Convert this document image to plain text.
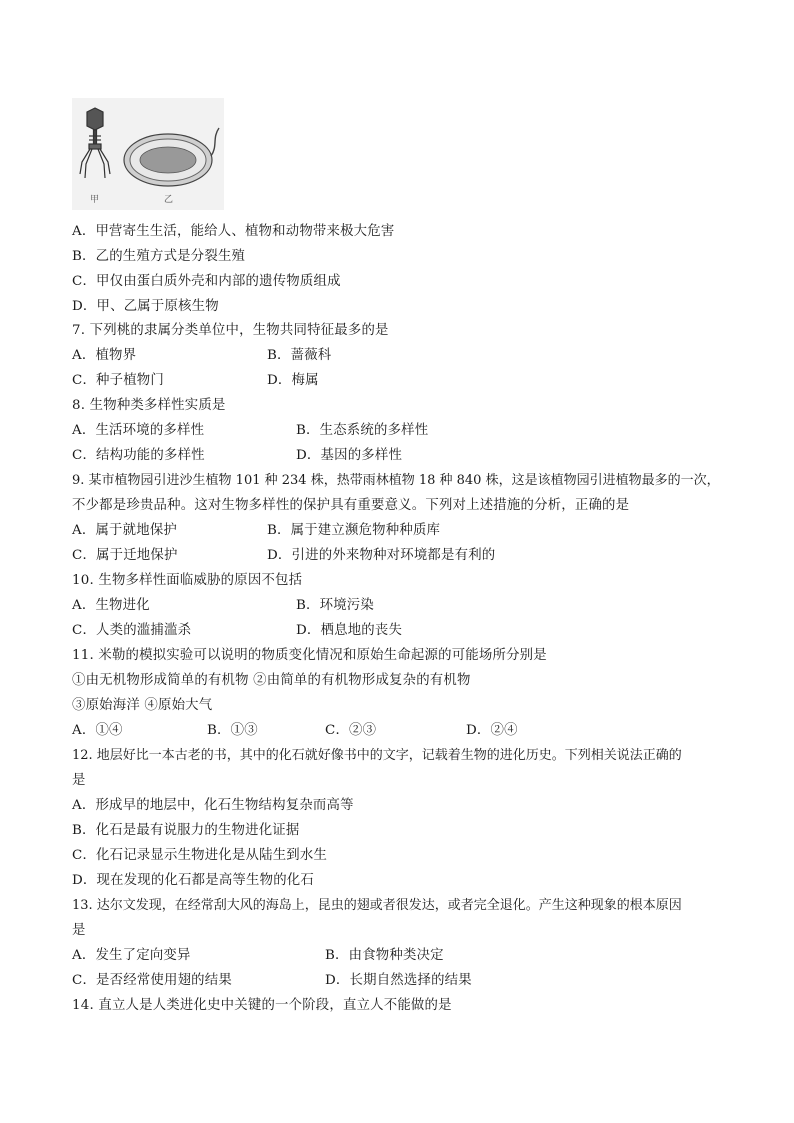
甲	乙
A．甲营寄生生活，能给人、植物和动物带来极大危害
B．乙的生殖方式是分裂生殖
C．甲仅由蛋白质外壳和内部的遗传物质组成
D．甲、乙属于原核生物
7. 下列桃的隶属分类单位中，生物共同特征最多的是
A．植物界	B．蔷薇科
C．种子植物门	D．梅属
8. 生物种类多样性实质是
A．生活环境的多样性	B．生态系统的多样性
C．结构功能的多样性	D．基因的多样性
9. 某市植物园引进沙生植物 101 种 234 株，热带雨林植物 18 种 840 株，这是该植物园引进植物最多的一次，
不少都是珍贵品种。这对生物多样性的保护具有重要意义。下列对上述措施的分析，正确的是
A．属于就地保护	B．属于建立濒危物种种质库
C．属于迁地保护	D．引进的外来物种对环境都是有利的
10. 生物多样性面临威胁的原因不包括
A．生物进化	B．环境污染
C．人类的滥捕滥杀	D．栖息地的丧失
11. 米勒的模拟实验可以说明的物质变化情况和原始生命起源的可能场所分别是
①由无机物形成简单的有机物 ②由简单的有机物形成复杂的有机物
③原始海洋 ④原始大气
A．①④	B．①③	C．②③	D．②④
12. 地层好比一本古老的书，其中的化石就好像书中的文字，记载着生物的进化历史。下列相关说法正确的
是
A．形成早的地层中，化石生物结构复杂而高等
B．化石是最有说服力的生物进化证据
C．化石记录显示生物进化是从陆生到水生
D．现在发现的化石都是高等生物的化石
13. 达尔文发现，在经常刮大风的海岛上，昆虫的翅或者很发达，或者完全退化。产生这种现象的根本原因
是
A．发生了定向变异	B．由食物种类决定
C．是否经常使用翅的结果	D．长期自然选择的结果
14. 直立人是人类进化史中关键的一个阶段，直立人不能做的是
